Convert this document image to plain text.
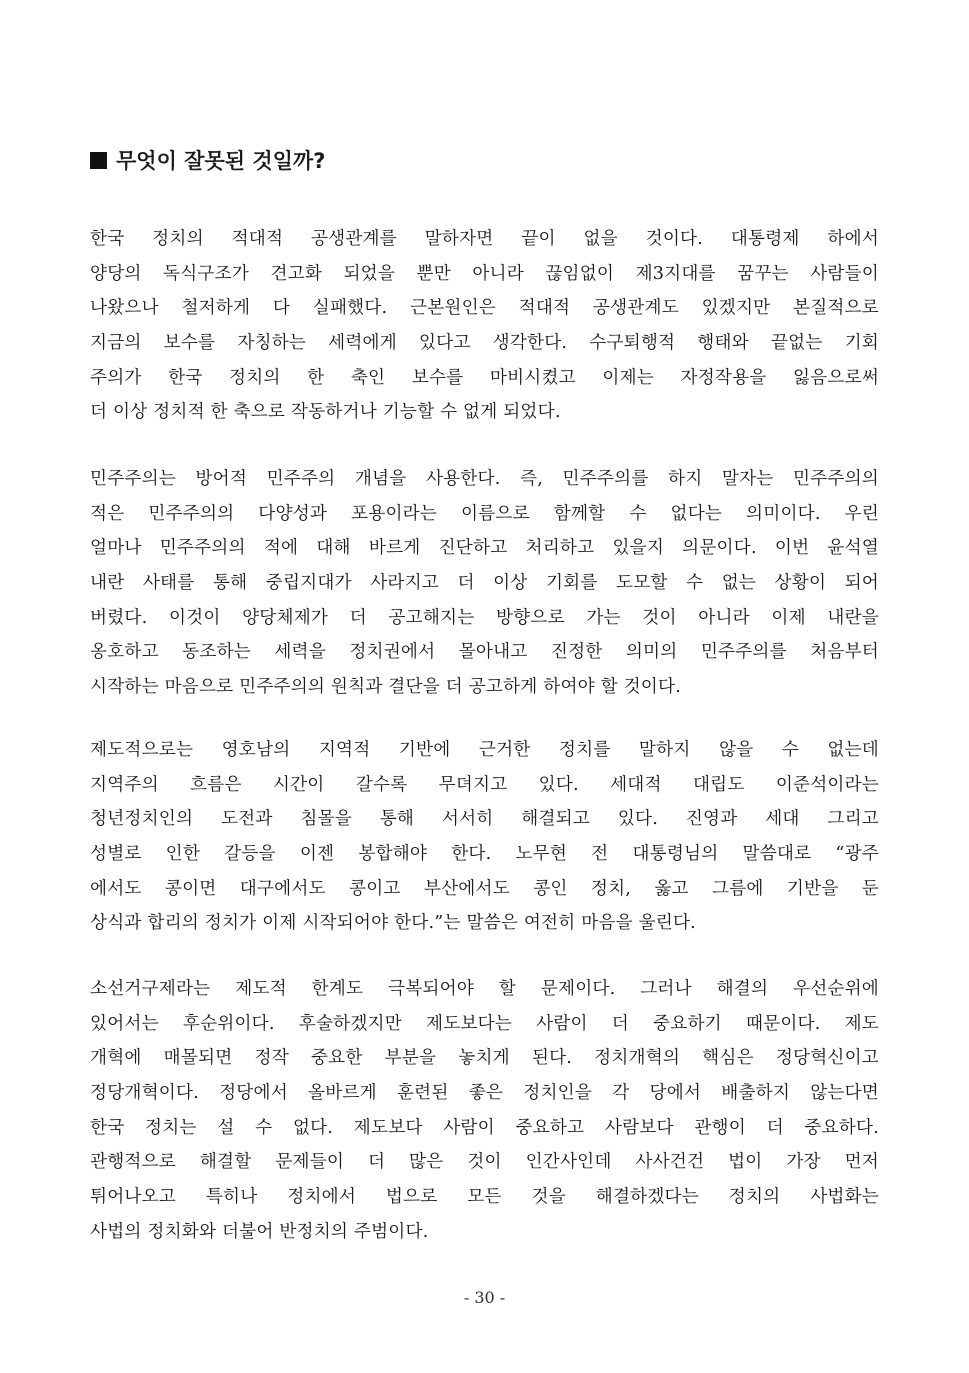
무엇이 잘못된 것일까?
한국 정치의 적대적 공생관계를 말하자면 끝이 없을 것이다. 대통령제 하에서
양당의 독식구조가 견고화 되었을 뿐만 아니라 끊임없이 제3지대를 꿈꾸는 사람들이
나왔으나 철저하게 다 실패했다. 근본원인은 적대적 공생관계도 있겠지만 본질적으로
지금의 보수를 자칭하는 세력에게 있다고 생각한다. 수구퇴행적 행태와 끝없는 기회
주의가 한국 정치의 한 축인 보수를 마비시켰고 이제는 자정작용을 잃음으로써
더 이상 정치적 한 축으로 작동하거나 기능할 수 없게 되었다.
민주주의는 방어적 민주주의 개념을 사용한다. 즉, 민주주의를 하지 말자는 민주주의의
적은 민주주의의 다양성과 포용이라는 이름으로 함께할 수 없다는 의미이다. 우린
얼마나 민주주의의 적에 대해 바르게 진단하고 처리하고 있을지 의문이다. 이번 윤석열
내란 사태를 통해 중립지대가 사라지고 더 이상 기회를 도모할 수 없는 상황이 되어
버렸다. 이것이 양당체제가 더 공고해지는 방향으로 가는 것이 아니라 이제 내란을
옹호하고 동조하는 세력을 정치권에서 몰아내고 진정한 의미의 민주주의를 처음부터
시작하는 마음으로 민주주의의 원칙과 결단을 더 공고하게 하여야 할 것이다.
제도적으로는 영호남의 지역적 기반에 근거한 정치를 말하지 않을 수 없는데
지역주의 흐름은 시간이 갈수록 무뎌지고 있다. 세대적 대립도 이준석이라는
청년정치인의 도전과 침몰을 통해 서서히 해결되고 있다. 진영과 세대 그리고
성별로 인한 갈등을 이젠 봉합해야 한다. 노무현 전 대통령님의 말씀대로 “광주
에서도 콩이면 대구에서도 콩이고 부산에서도 콩인 정치, 옳고 그름에 기반을 둔
상식과 합리의 정치가 이제 시작되어야 한다.”는 말씀은 여전히 마음을 울린다.
소선거구제라는 제도적 한계도 극복되어야 할 문제이다. 그러나 해결의 우선순위에
있어서는 후순위이다. 후술하겠지만 제도보다는 사람이 더 중요하기 때문이다. 제도
개혁에 매몰되면 정작 중요한 부분을 놓치게 된다. 정치개혁의 핵심은 정당혁신이고
정당개혁이다. 정당에서 올바르게 훈련된 좋은 정치인을 각 당에서 배출하지 않는다면
한국 정치는 설 수 없다. 제도보다 사람이 중요하고 사람보다 관행이 더 중요하다.
관행적으로 해결할 문제들이 더 많은 것이 인간사인데 사사건건 법이 가장 먼저
튀어나오고 특히나 정치에서 법으로 모든 것을 해결하겠다는 정치의 사법화는
사법의 정치화와 더불어 반정치의 주범이다.
- 30 -
